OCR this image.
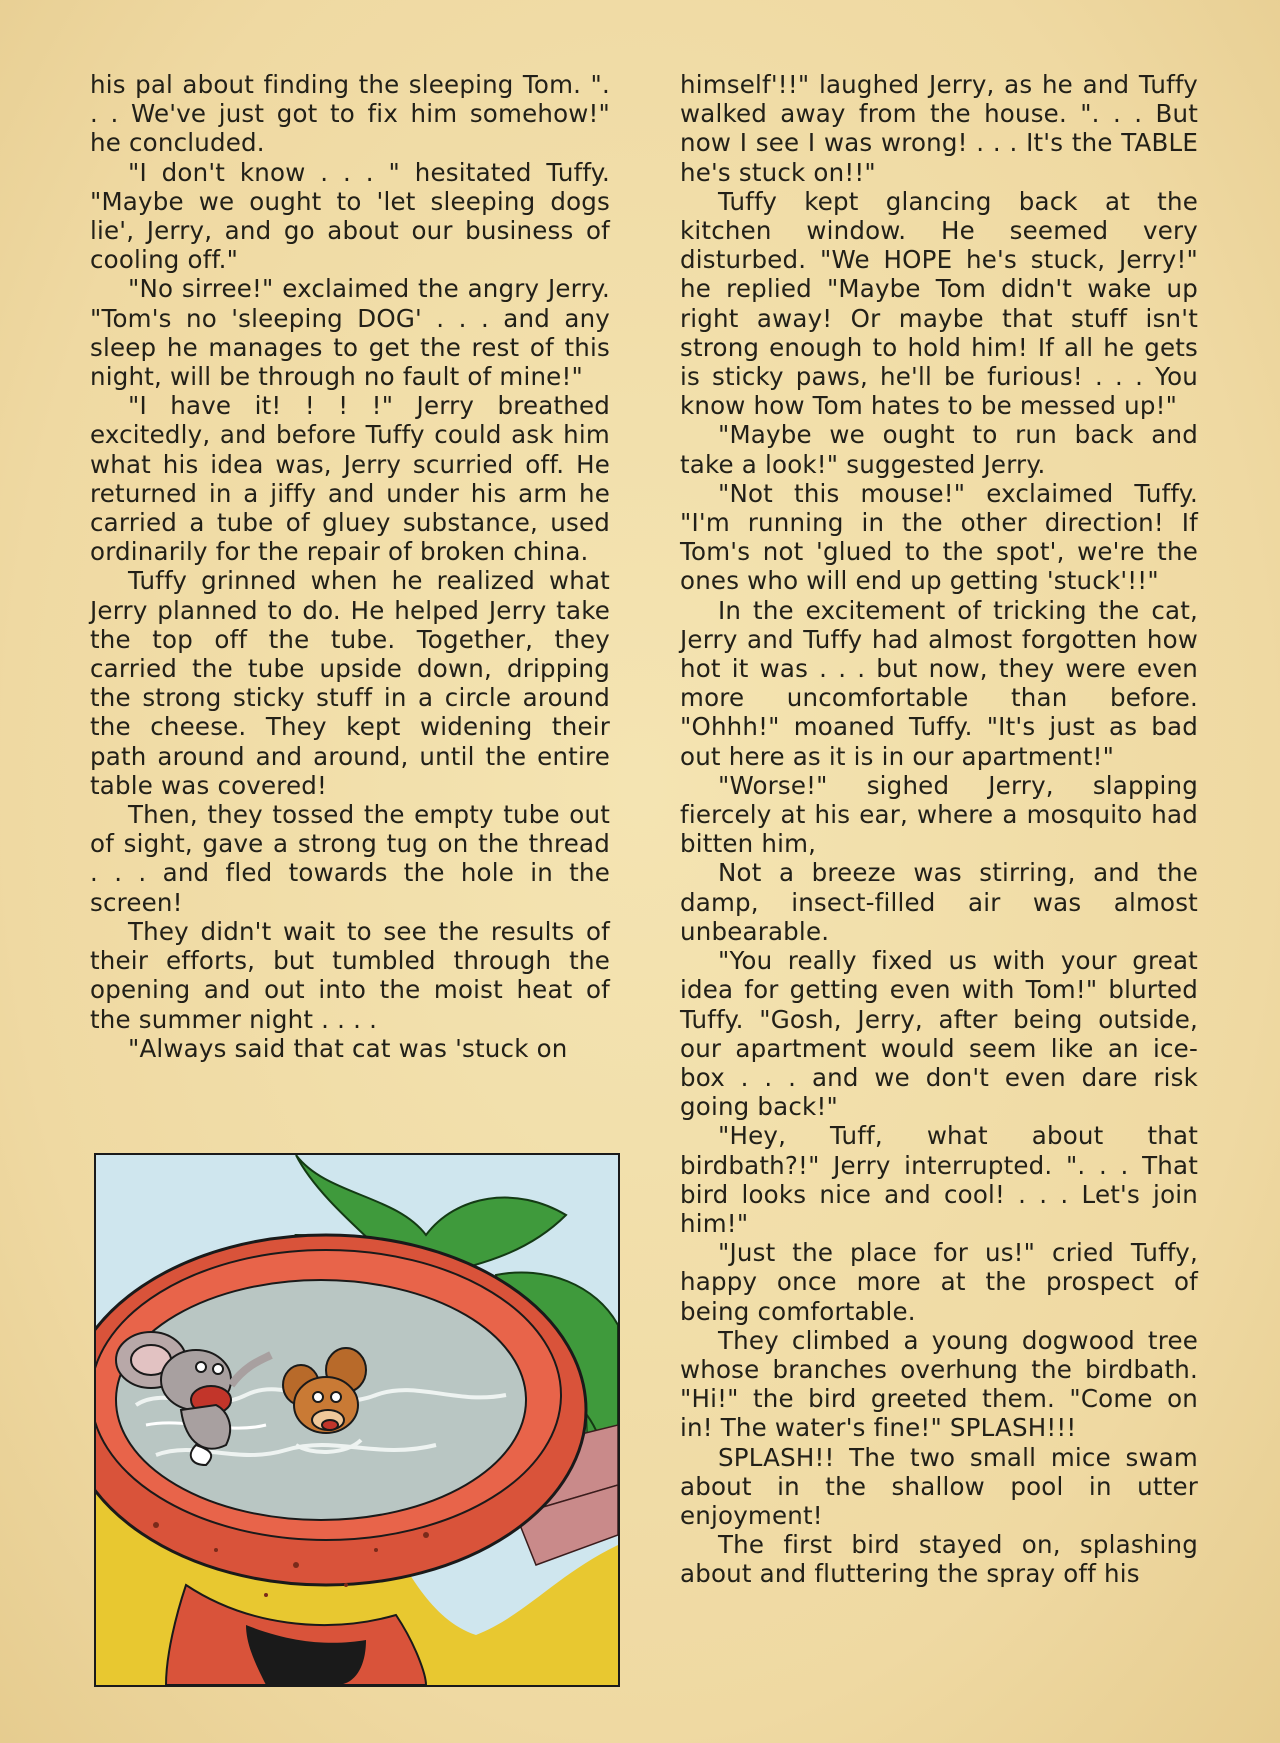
his pal about finding the sleeping Tom. ". . . We've just got to fix him somehow!" he concluded.

"I don't know . . . " hesitated Tuffy. "Maybe we ought to 'let sleeping dogs lie', Jerry, and go about our business of cooling off."

"No sirree!" exclaimed the angry Jerry. "Tom's no 'sleeping DOG' . . . and any sleep he manages to get the rest of this night, will be through no fault of mine!"

"I have it! ! ! !" Jerry breathed excitedly, and before Tuffy could ask him what his idea was, Jerry scurried off. He returned in a jiffy and under his arm he carried a tube of gluey substance, used ordinarily for the repair of broken china.

Tuffy grinned when he realized what Jerry planned to do. He helped Jerry take the top off the tube. Together, they carried the tube upside down, dripping the strong sticky stuff in a circle around the cheese. They kept widening their path around and around, until the entire table was covered!

Then, they tossed the empty tube out of sight, gave a strong tug on the thread . . . and fled towards the hole in the screen!

They didn't wait to see the results of their efforts, but tumbled through the opening and out into the moist heat of the summer night . . . .

"Always said that cat was 'stuck on

himself'!!" laughed Jerry, as he and Tuffy walked away from the house. ". . . But now I see I was wrong! . . . It's the TABLE he's stuck on!!"

Tuffy kept glancing back at the kitchen window. He seemed very disturbed. "We HOPE he's stuck, Jerry!" he replied "Maybe Tom didn't wake up right away! Or maybe that stuff isn't strong enough to hold him! If all he gets is sticky paws, he'll be furious! . . . You know how Tom hates to be messed up!"

"Maybe we ought to run back and take a look!" suggested Jerry.

"Not this mouse!" exclaimed Tuffy. "I'm running in the other direction! If Tom's not 'glued to the spot', we're the ones who will end up getting 'stuck'!!"

In the excitement of tricking the cat, Jerry and Tuffy had almost forgotten how hot it was . . . but now, they were even more uncomfortable than before. "Ohhh!" moaned Tuffy. "It's just as bad out here as it is in our apartment!"

"Worse!" sighed Jerry, slapping fiercely at his ear, where a mosquito had bitten him,

Not a breeze was stirring, and the damp, insect-filled air was almost unbearable.

"You really fixed us with your great idea for getting even with Tom!" blurted Tuffy. "Gosh, Jerry, after being outside, our apartment would seem like an ice-box . . . and we don't even dare risk going back!"

"Hey, Tuff, what about that birdbath?!" Jerry interrupted. ". . . That bird looks nice and cool! . . . Let's join him!"

"Just the place for us!" cried Tuffy, happy once more at the prospect of being comfortable.

They climbed a young dogwood tree whose branches overhung the birdbath. "Hi!" the bird greeted them. "Come on in! The water's fine!" SPLASH!!!

SPLASH!! The two small mice swam about in the shallow pool in utter enjoyment!

The first bird stayed on, splashing about and fluttering the spray off his
